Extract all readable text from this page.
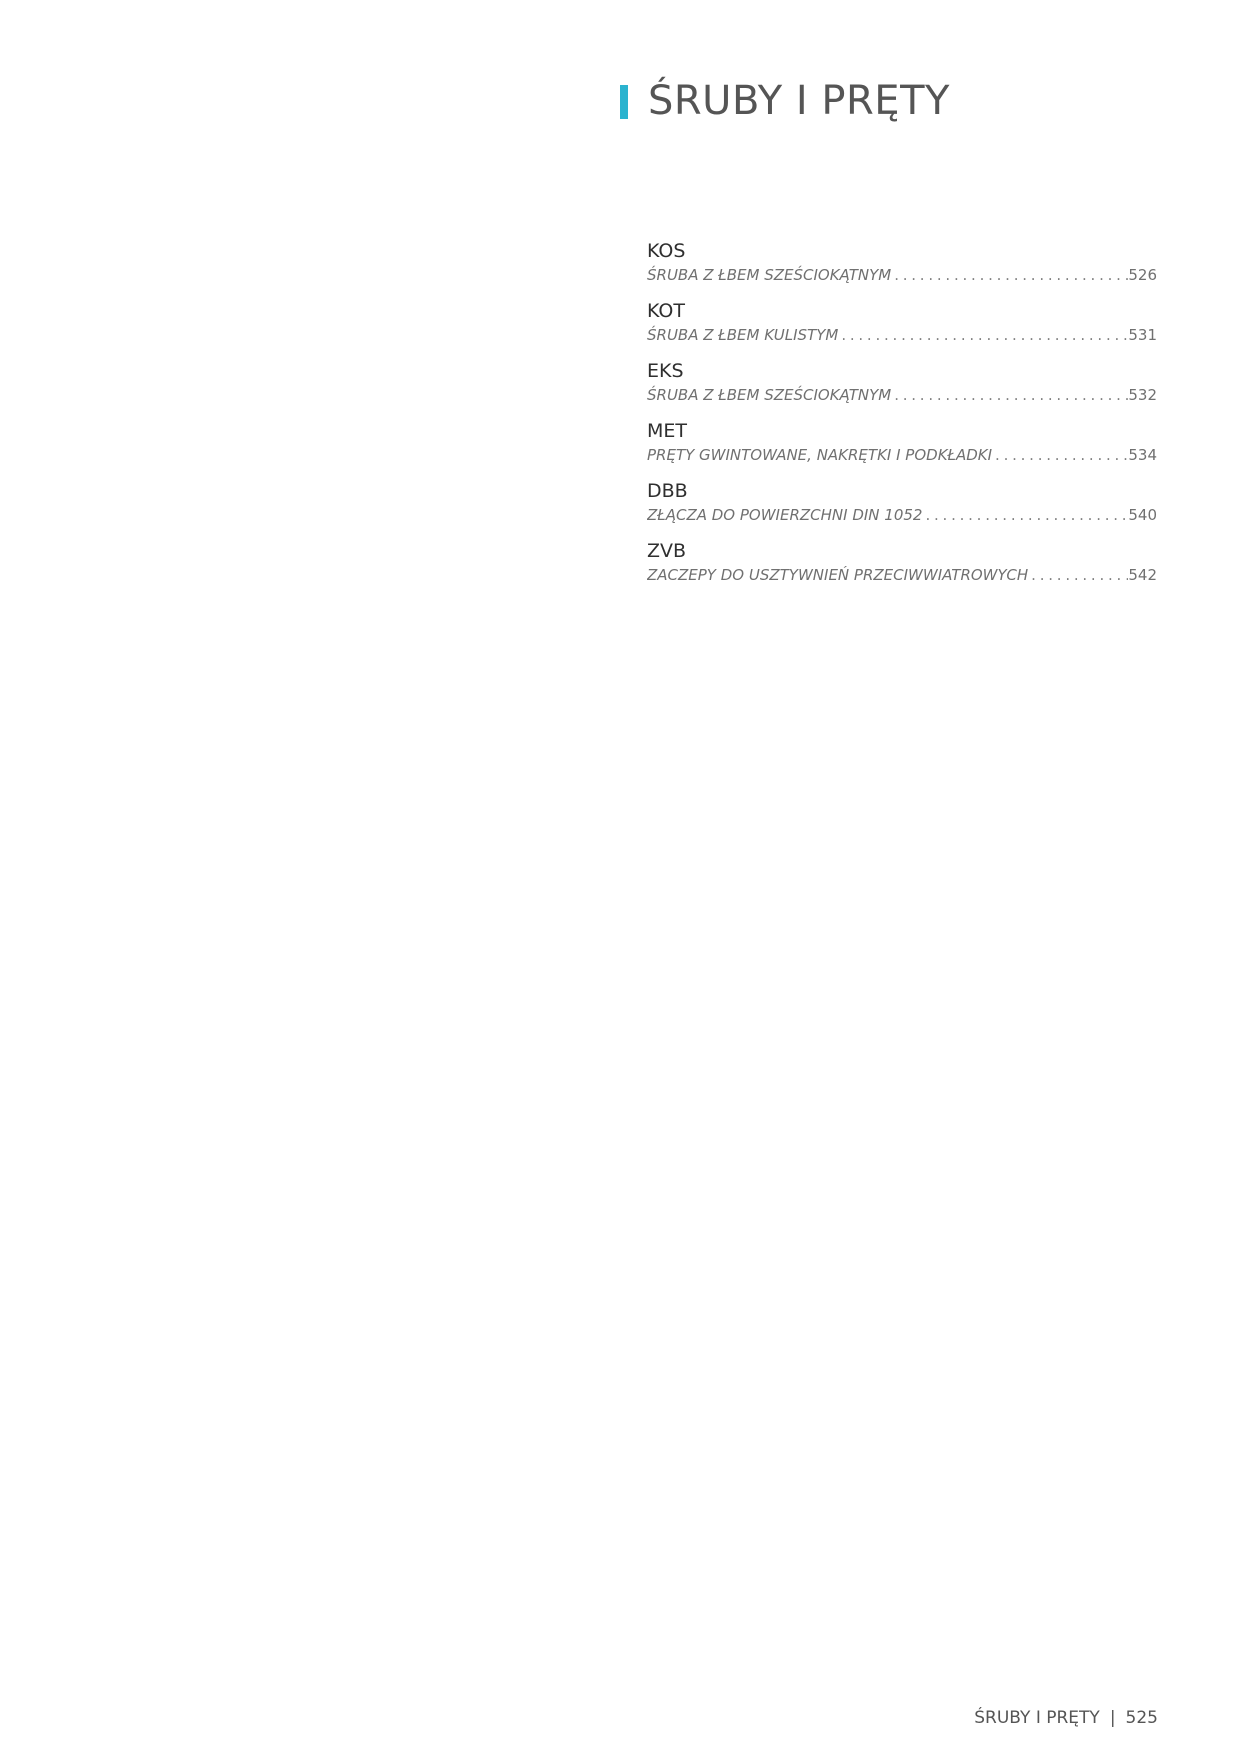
ŚRUBY I PRĘTY
KOS
ŚRUBA Z ŁBEM SZEŚCIOKĄTNYM . . .	526
KOT
ŚRUBA Z ŁBEM KULISTYM . . .	531
EKS
ŚRUBA Z ŁBEM SZEŚCIOKĄTNYM . . .	532
MET
PRĘTY GWINTOWANE, NAKRĘTKI I PODKŁADKI . . .	534
DBB
ZŁĄCZA DO POWIERZCHNI DIN 1052 . . .	540
ZVB
ZACZEPY DO USZTYWNIEŃ PRZECIWWIATROWYCH . . .	542
ŚRUBY I PRĘTY | 525
